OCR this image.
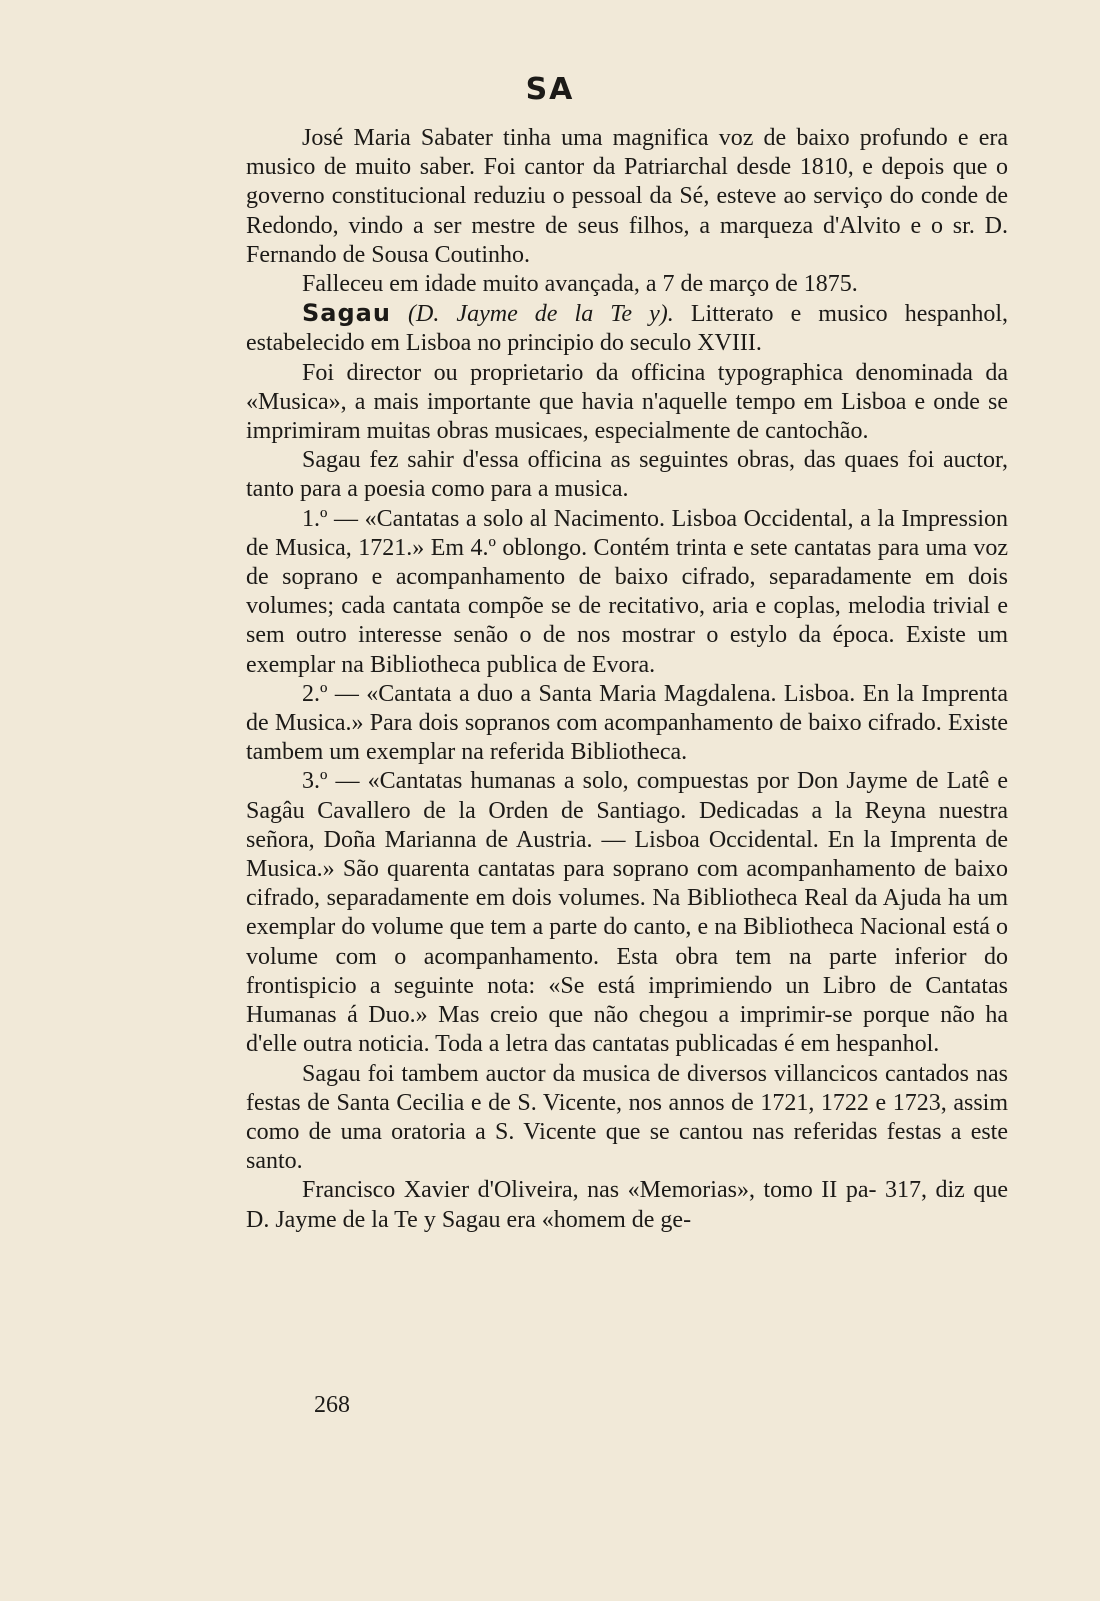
SA

José Maria Sabater tinha uma magnifica voz de baixo profundo e era musico de muito saber. Foi cantor da Patriarchal desde 1810, e depois que o governo constitucional reduziu o pessoal da Sé, esteve ao serviço do conde de Redondo, vindo a ser mestre de seus filhos, a marqueza d'Alvito e o sr. D. Fernando de Sousa Coutinho.

Falleceu em idade muito avançada, a 7 de março de 1875.

Sagau (D. Jayme de la Te y). Litterato e musico hespanhol, estabelecido em Lisboa no principio do seculo XVIII.

Foi director ou proprietario da officina typographica denominada da «Musica», a mais importante que havia n'aquelle tempo em Lisboa e onde se imprimiram muitas obras musicaes, especialmente de cantochão.

Sagau fez sahir d'essa officina as seguintes obras, das quaes foi auctor, tanto para a poesia como para a musica.

1.º — «Cantatas a solo al Nacimento. Lisboa Occidental, a la Impression de Musica, 1721.» Em 4.º oblongo. Contém trinta e sete cantatas para uma voz de soprano e acompanhamento de baixo cifrado, separadamente em dois volumes; cada cantata compõe se de recitativo, aria e coplas, melodia trivial e sem outro interesse senão o de nos mostrar o estylo da época. Existe um exemplar na Bibliotheca publica de Evora.

2.º — «Cantata a duo a Santa Maria Magdalena. Lisboa. En la Imprenta de Musica.» Para dois sopranos com acompanhamento de baixo cifrado. Existe tambem um exemplar na referida Bibliotheca.

3.º — «Cantatas humanas a solo, compuestas por Don Jayme de Latê e Sagâu Cavallero de la Orden de Santiago. Dedicadas a la Reyna nuestra señora, Doña Marianna de Austria. — Lisboa Occidental. En la Imprenta de Musica.» São quarenta cantatas para soprano com acompanhamento de baixo cifrado, separadamente em dois volumes. Na Bibliotheca Real da Ajuda ha um exemplar do volume que tem a parte do canto, e na Bibliotheca Nacional está o volume com o acompanhamento. Esta obra tem na parte inferior do frontispicio a seguinte nota: «Se está imprimiendo un Libro de Cantatas Humanas á Duo.» Mas creio que não chegou a imprimir-se porque não ha d'elle outra noticia. Toda a letra das cantatas publicadas é em hespanhol.

Sagau foi tambem auctor da musica de diversos villancicos cantados nas festas de Santa Cecilia e de S. Vicente, nos annos de 1721, 1722 e 1723, assim como de uma oratoria a S. Vicente que se cantou nas referidas festas a este santo.

Francisco Xavier d'Oliveira, nas «Memorias», tomo II pa- 317, diz que D. Jayme de la Te y Sagau era «homem de ge-

268
